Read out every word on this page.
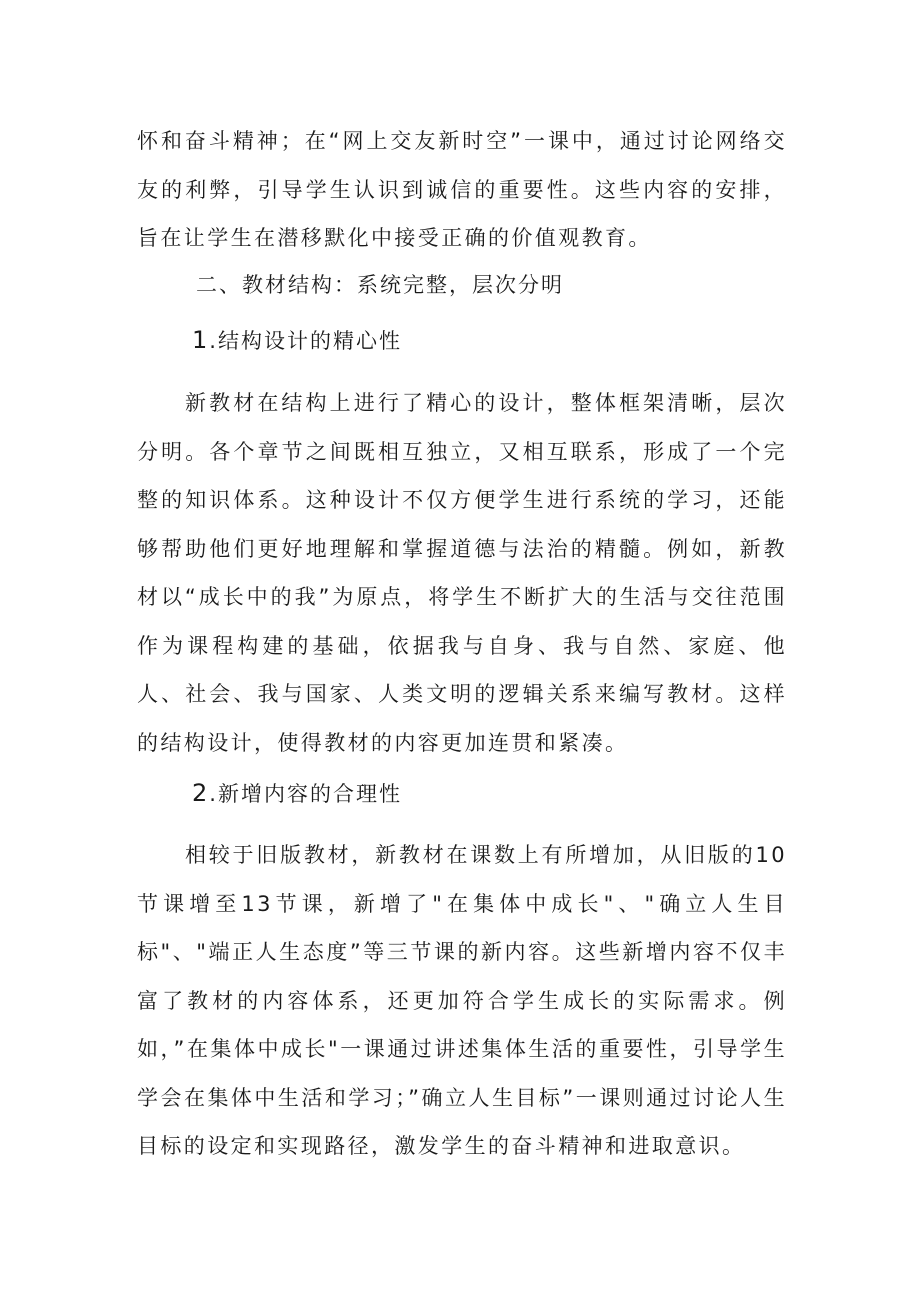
怀和奋斗精神；在“网上交友新时空”一课中，通过讨论网络交友的利弊，引导学生认识到诚信的重要性。这些内容的安排，旨在让学生在潜移默化中接受正确的价值观教育。

二、教材结构：系统完整，层次分明

1.结构设计的精心性

新教材在结构上进行了精心的设计，整体框架清晰，层次分明。各个章节之间既相互独立，又相互联系，形成了一个完整的知识体系。这种设计不仅方便学生进行系统的学习，还能够帮助他们更好地理解和掌握道德与法治的精髓。例如，新教材以“成长中的我”为原点，将学生不断扩大的生活与交往范围作为课程构建的基础，依据我与自身、我与自然、家庭、他人、社会、我与国家、人类文明的逻辑关系来编写教材。这样的结构设计，使得教材的内容更加连贯和紧凑。

2.新增内容的合理性

相较于旧版教材，新教材在课数上有所增加，从旧版的10节课增至13节课，新增了"在集体中成长"、"确立人生目标"、"端正人生态度”等三节课的新内容。这些新增内容不仅丰富了教材的内容体系，还更加符合学生成长的实际需求。例如，”在集体中成长"一课通过讲述集体生活的重要性，引导学生学会在集体中生活和学习；”确立人生目标”一课则通过讨论人生目标的设定和实现路径，激发学生的奋斗精神和进取意识。
